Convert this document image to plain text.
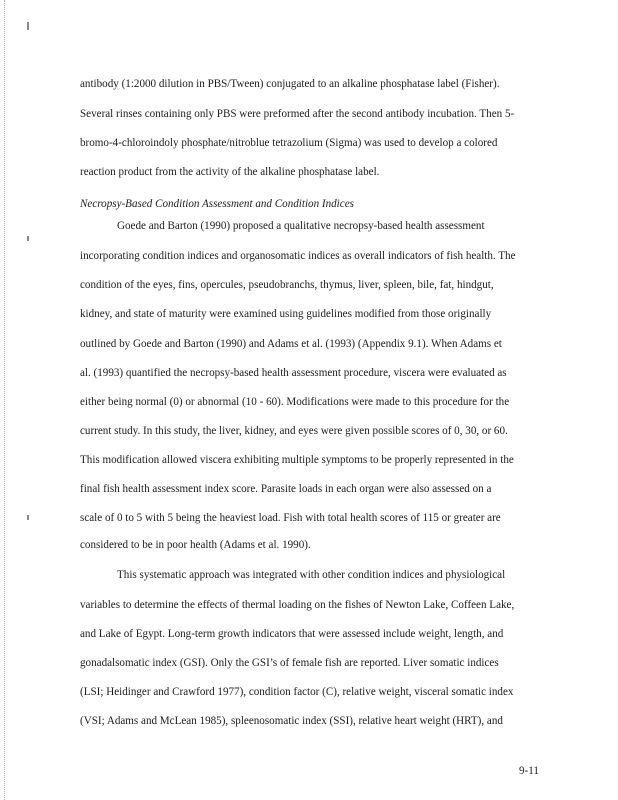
antibody (1:2000 dilution in PBS/Tween) conjugated to an alkaline phosphatase label (Fisher).
Several rinses containing only PBS were preformed after the second antibody incubation. Then 5-
bromo-4-chloroindoly phosphate/nitroblue tetrazolium (Sigma) was used to develop a colored
reaction product from the activity of the alkaline phosphatase label.
Necropsy-Based Condition Assessment and Condition Indices
Goede and Barton (1990) proposed a qualitative necropsy-based health assessment
incorporating condition indices and organosomatic indices as overall indicators of fish health. The
condition of the eyes, fins, opercules, pseudobranchs, thymus, liver, spleen, bile, fat, hindgut,
kidney, and state of maturity were examined using guidelines modified from those originally
outlined by Goede and Barton (1990) and Adams et al. (1993) (Appendix 9.1). When Adams et
al. (1993) quantified the necropsy-based health assessment procedure, viscera were evaluated as
either being normal (0) or abnormal (10 - 60). Modifications were made to this procedure for the
current study. In this study, the liver, kidney, and eyes were given possible scores of 0, 30, or 60.
This modification allowed viscera exhibiting multiple symptoms to be properly represented in the
final fish health assessment index score. Parasite loads in each organ were also assessed on a
scale of 0 to 5 with 5 being the heaviest load. Fish with total health scores of 115 or greater are
considered to be in poor health (Adams et al. 1990).
This systematic approach was integrated with other condition indices and physiological
variables to determine the effects of thermal loading on the fishes of Newton Lake, Coffeen Lake,
and Lake of Egypt. Long-term growth indicators that were assessed include weight, length, and
gonadalsomatic index (GSI). Only the GSI’s of female fish are reported. Liver somatic indices
(LSI; Heidinger and Crawford 1977), condition factor (C), relative weight, visceral somatic index
(VSI; Adams and McLean 1985), spleenosomatic index (SSI), relative heart weight (HRT), and
9-11
